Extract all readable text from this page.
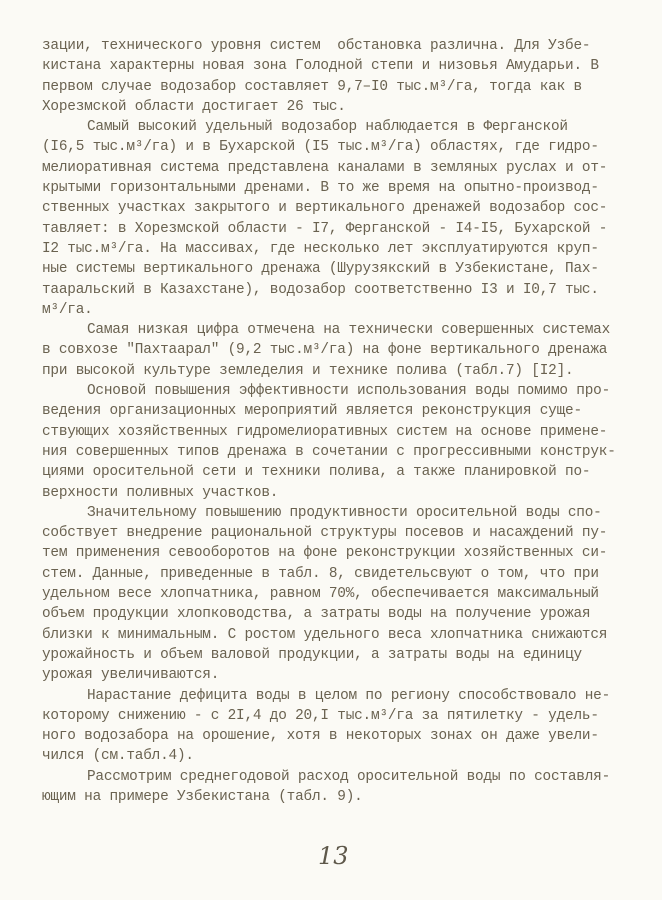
зации, технического уровня систем  обстановка различна. Для Узбе-
кистана характерны новая зона Голодной степи и низовья Амударьи. В
первом случае водозабор составляет 9,7–I0 тыс.м³/га, тогда как в
Хорезмской области достигает 26 тыс.
Самый высокий удельный водозабор наблюдается в Ферганской
(I6,5 тыс.м³/га) и в Бухарской (I5 тыс.м³/га) областях, где гидро-
мелиоративная система представлена каналами в земляных руслах и от-
крытыми горизонтальными дренами. В то же время на опытно-производ-
ственных участках закрытого и вертикального дренажей водозабор сос-
тавляет: в Хорезмской области - I7, Ферганской - I4-I5, Бухарской -
I2 тыс.м³/га. На массивах, где несколько лет эксплуатируются круп-
ные системы вертикального дренажа (Шурузякский в Узбекистане, Пах-
тааральский в Казахстане), водозабор соответственно I3 и I0,7 тыс.
м³/га.
Самая низкая цифра отмечена на технически совершенных системах
в совхозе "Пахтаарал" (9,2 тыс.м³/га) на фоне вертикального дренажа
при высокой культуре земледелия и технике полива (табл.7) [I2].
Основой повышения эффективности использования воды помимо про-
ведения организационных мероприятий является реконструкция суще-
ствующих хозяйственных гидромелиоративных систем на основе примене-
ния совершенных типов дренажа в сочетании с прогрессивными конструк-
циями оросительной сети и техники полива, а также планировкой по-
верхности поливных участков.
Значительному повышению продуктивности оросительной воды спо-
собствует внедрение рациональной структуры посевов и насаждений пу-
тем применения севооборотов на фоне реконструкции хозяйственных си-
стем. Данные, приведенные в табл. 8, свидетельсвуют о том, что при
удельном весе хлопчатника, равном 70%, обеспечивается максимальный
объем продукции хлопководства, а затраты воды на получение урожая
близки к минимальным. С ростом удельного веса хлопчатника снижаются
урожайность и объем валовой продукции, а затраты воды на единицу
урожая увеличиваются.
Нарастание дефицита воды в целом по региону способствовало не-
которому снижению - с 2I,4 до 20,I тыс.м³/га за пятилетку - удель-
ного водозабора на орошение, хотя в некоторых зонах он даже увели-
чился (см.табл.4).
Рассмотрим среднегодовой расход оросительной воды по составля-
ющим на примере Узбекистана (табл. 9).
13
